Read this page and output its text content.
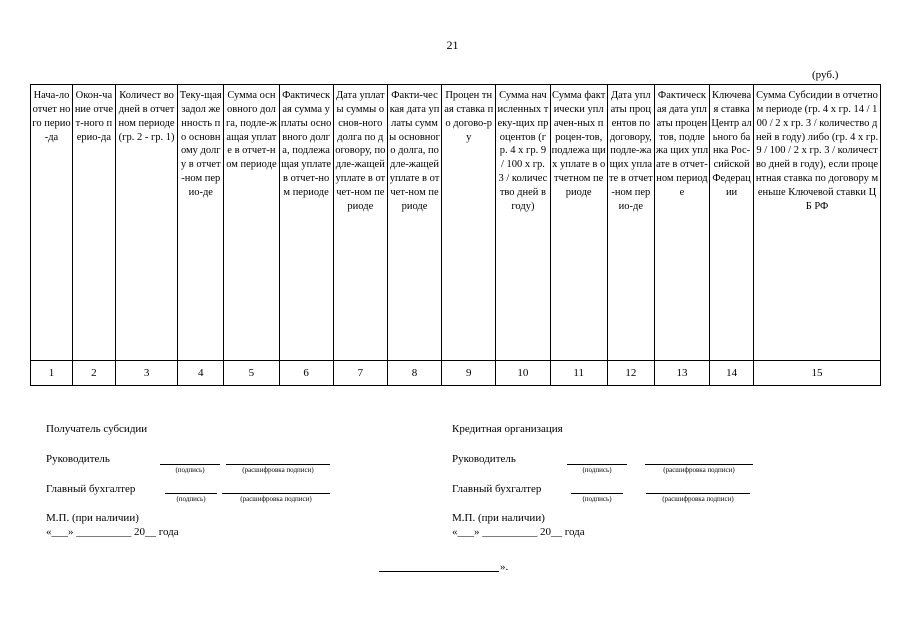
21
(руб.)
Нача-ло отчет ного перио-да	Окон-чание отчет-ного перио-да	Количест во дней в отчетном периоде (гр. 2 - гр. 1)	Теку-щая задол женность по основному долгу в отчет-ном перио-де	Сумма основного долга, подле-жащая уплате в отчет-ном периоде	Фактическая сумма уплаты основного долга, подлежащая уплате в отчет-ном периоде	Дата уплаты суммы основ-ного долга по договору, подле-жащей уплате в отчет-ном периоде	Факти-ческая дата уплаты суммы основного долга, подле-жащей уплате в отчет-ном периоде	Процен тная ставка по догово-ру	Сумма начисленных теку-щих процентов (гр. 4 х гр. 9 / 100 х гр. 3 / количес тво дней в году)	Сумма фактически уплачен-ных процен-тов, подлежа щих уплате в отчетном периоде	Дата уплаты процентов по договору, подле-жащих уплате в отчет-ном перио-де	Фактическая дата уплаты процентов, подлежа щих уплате в отчет-ном периоде	Ключевая ставка Центр ального банка Рос-сийской Федерации	Сумма Субсидии в отчетном периоде (гр. 4 х гр. 14 / 100 / 2 х гр. 3 / количество дней в году) либо (гр. 4 х гр. 9 / 100 / 2 х гр. 3 / количество дней в году), если процентная ставка по договору меньше Ключевой ставки ЦБ РФ
1	2	3	4	5	6	7	8	9	10	11	12	13	14	15
Получатель субсидии
Руководитель
(подпись)	(расшифровка подписи)
Главный бухгалтер
(подпись)	(расшифровка подписи)
М.П. (при наличии)
«___» __________ 20__ года
Кредитная организация
Руководитель
(подпись)	(расшифровка подписи)
Главный бухгалтер
(подпись)	(расшифровка подписи)
М.П. (при наличии)
«___» __________ 20__ года
».
